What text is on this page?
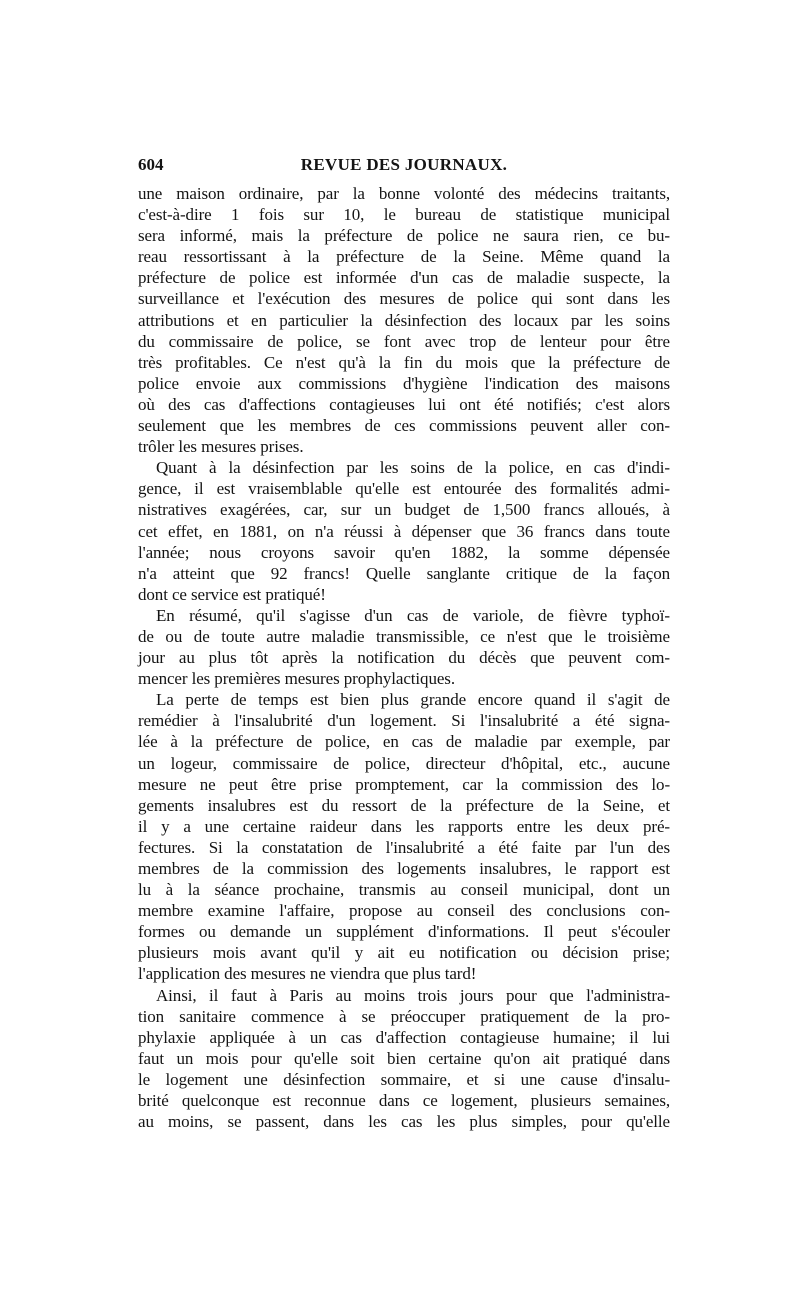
604	REVUE DES JOURNAUX.
une maison ordinaire, par la bonne volonté des médecins traitants,
c'est-à-dire 1 fois sur 10, le bureau de statistique municipal
sera informé, mais la préfecture de police ne saura rien, ce bu-
reau ressortissant à la préfecture de la Seine. Même quand la
préfecture de police est informée d'un cas de maladie suspecte, la
surveillance et l'exécution des mesures de police qui sont dans les
attributions et en particulier la désinfection des locaux par les soins
du commissaire de police, se font avec trop de lenteur pour être
très profitables. Ce n'est qu'à la fin du mois que la préfecture de
police envoie aux commissions d'hygiène l'indication des maisons
où des cas d'affections contagieuses lui ont été notifiés; c'est alors
seulement que les membres de ces commissions peuvent aller con-
trôler les mesures prises.
Quant à la désinfection par les soins de la police, en cas d'indi-
gence, il est vraisemblable qu'elle est entourée des formalités admi-
nistratives exagérées, car, sur un budget de 1,500 francs alloués, à
cet effet, en 1881, on n'a réussi à dépenser que 36 francs dans toute
l'année; nous croyons savoir qu'en 1882, la somme dépensée
n'a atteint que 92 francs! Quelle sanglante critique de la façon
dont ce service est pratiqué!
En résumé, qu'il s'agisse d'un cas de variole, de fièvre typhoï-
de ou de toute autre maladie transmissible, ce n'est que le troisième
jour au plus tôt après la notification du décès que peuvent com-
mencer les premières mesures prophylactiques.
La perte de temps est bien plus grande encore quand il s'agit de
remédier à l'insalubrité d'un logement. Si l'insalubrité a été signa-
lée à la préfecture de police, en cas de maladie par exemple, par
un logeur, commissaire de police, directeur d'hôpital, etc., aucune
mesure ne peut être prise promptement, car la commission des lo-
gements insalubres est du ressort de la préfecture de la Seine, et
il y a une certaine raideur dans les rapports entre les deux pré-
fectures. Si la constatation de l'insalubrité a été faite par l'un des
membres de la commission des logements insalubres, le rapport est
lu à la séance prochaine, transmis au conseil municipal, dont un
membre examine l'affaire, propose au conseil des conclusions con-
formes ou demande un supplément d'informations. Il peut s'écouler
plusieurs mois avant qu'il y ait eu notification ou décision prise;
l'application des mesures ne viendra que plus tard!
Ainsi, il faut à Paris au moins trois jours pour que l'administra-
tion sanitaire commence à se préoccuper pratiquement de la pro-
phylaxie appliquée à un cas d'affection contagieuse humaine; il lui
faut un mois pour qu'elle soit bien certaine qu'on ait pratiqué dans
le logement une désinfection sommaire, et si une cause d'insalu-
brité quelconque est reconnue dans ce logement, plusieurs semaines,
au moins, se passent, dans les cas les plus simples, pour qu'elle
